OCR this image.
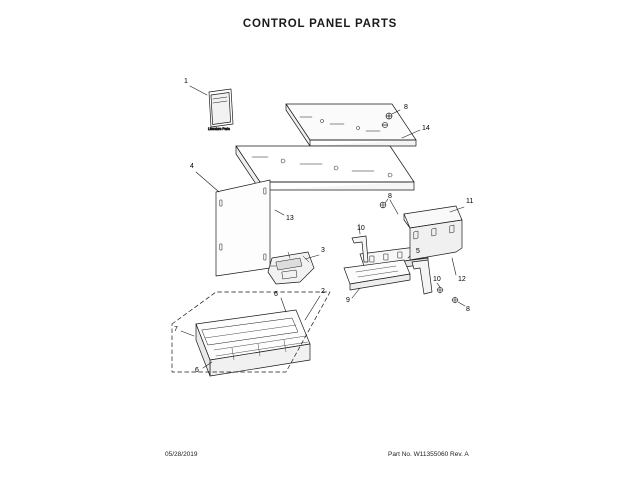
CONTROL PANEL PARTS
Literature Parts
1
4
8
14
13
8
11
10
5
3
12
10
9
2
6
8
7
6
05/28/2019	Part No. W11355060 Rev. A
